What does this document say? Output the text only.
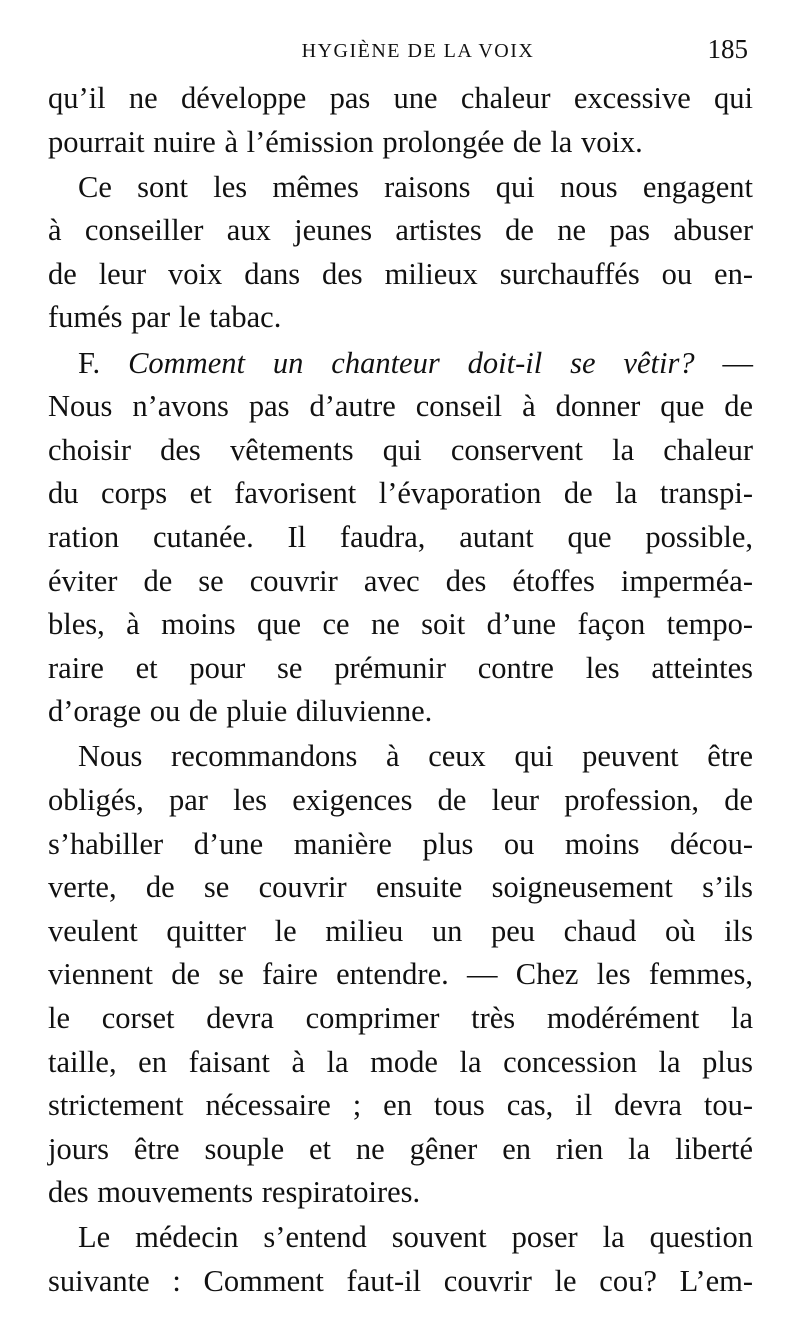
HYGIÈNE DE LA VOIX	185
qu’il ne développe pas une chaleur excessive qui
pourrait nuire à l’émission prolongée de la voix.
Ce sont les mêmes raisons qui nous engagent
à conseiller aux jeunes artistes de ne pas abuser
de leur voix dans des milieux surchauffés ou en-
fumés par le tabac.
F. Comment un chanteur doit-il se vêtir? —
Nous n’avons pas d’autre conseil à donner que de
choisir des vêtements qui conservent la chaleur
du corps et favorisent l’évaporation de la transpi-
ration cutanée. Il faudra, autant que possible,
éviter de se couvrir avec des étoffes imperméa-
bles, à moins que ce ne soit d’une façon tempo-
raire et pour se prémunir contre les atteintes
d’orage ou de pluie diluvienne.
Nous recommandons à ceux qui peuvent être
obligés, par les exigences de leur profession, de
s’habiller d’une manière plus ou moins décou-
verte, de se couvrir ensuite soigneusement s’ils
veulent quitter le milieu un peu chaud où ils
viennent de se faire entendre. — Chez les femmes,
le corset devra comprimer très modérément la
taille, en faisant à la mode la concession la plus
strictement nécessaire ; en tous cas, il devra tou-
jours être souple et ne gêner en rien la liberté
des mouvements respiratoires.
Le médecin s’entend souvent poser la question
suivante : Comment faut-il couvrir le cou? L’em-
